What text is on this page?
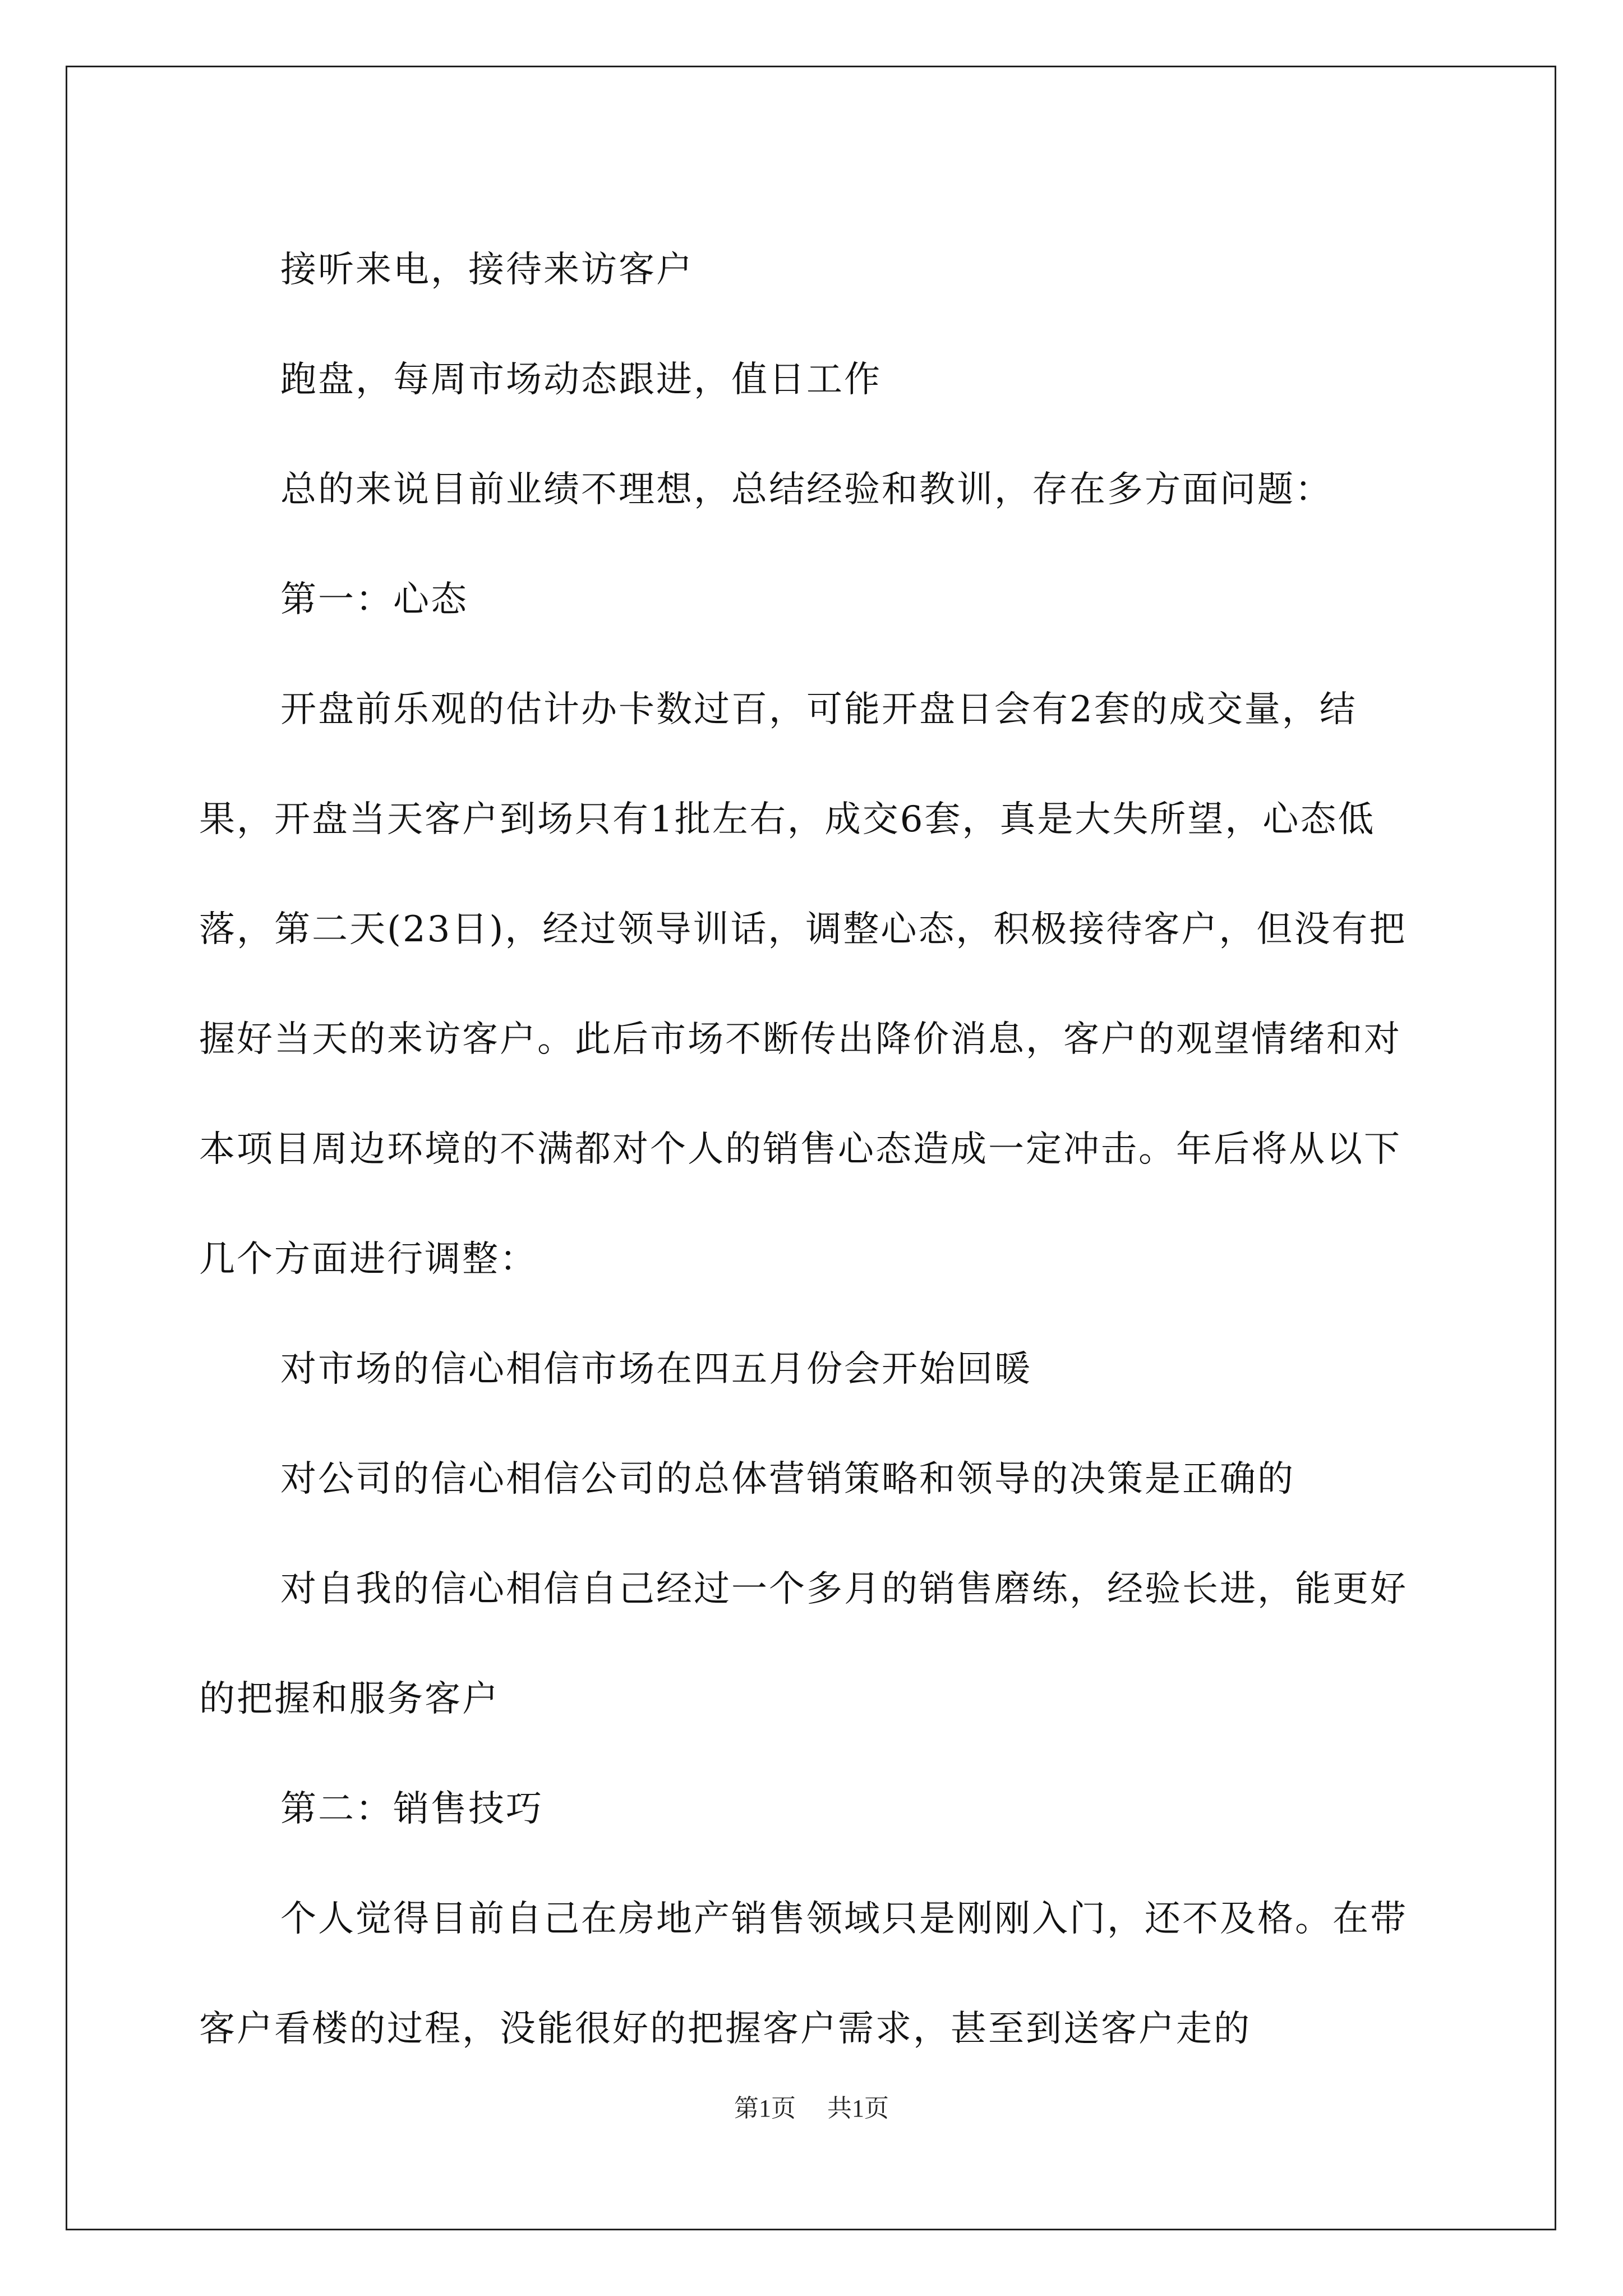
接听来电，接待来访客户

跑盘，每周市场动态跟进，值日工作

总的来说目前业绩不理想，总结经验和教训，存在多方面问题：

第一：心态

开盘前乐观的估计办卡数过百，可能开盘日会有2套的成交量，结果，开盘当天客户到场只有1批左右，成交6套，真是大失所望，心态低落，第二天(23日)，经过领导训话，调整心态，积极接待客户，但没有把握好当天的来访客户。此后市场不断传出降价消息，客户的观望情绪和对本项目周边环境的不满都对个人的销售心态造成一定冲击。年后将从以下几个方面进行调整：

对市场的信心相信市场在四五月份会开始回暖

对公司的信心相信公司的总体营销策略和领导的决策是正确的

对自我的信心相信自己经过一个多月的销售磨练，经验长进，能更好的把握和服务客户

第二：销售技巧

个人觉得目前自己在房地产销售领域只是刚刚入门，还不及格。在带客户看楼的过程，没能很好的把握客户需求，甚至到送客户走的

第1页 共1页
